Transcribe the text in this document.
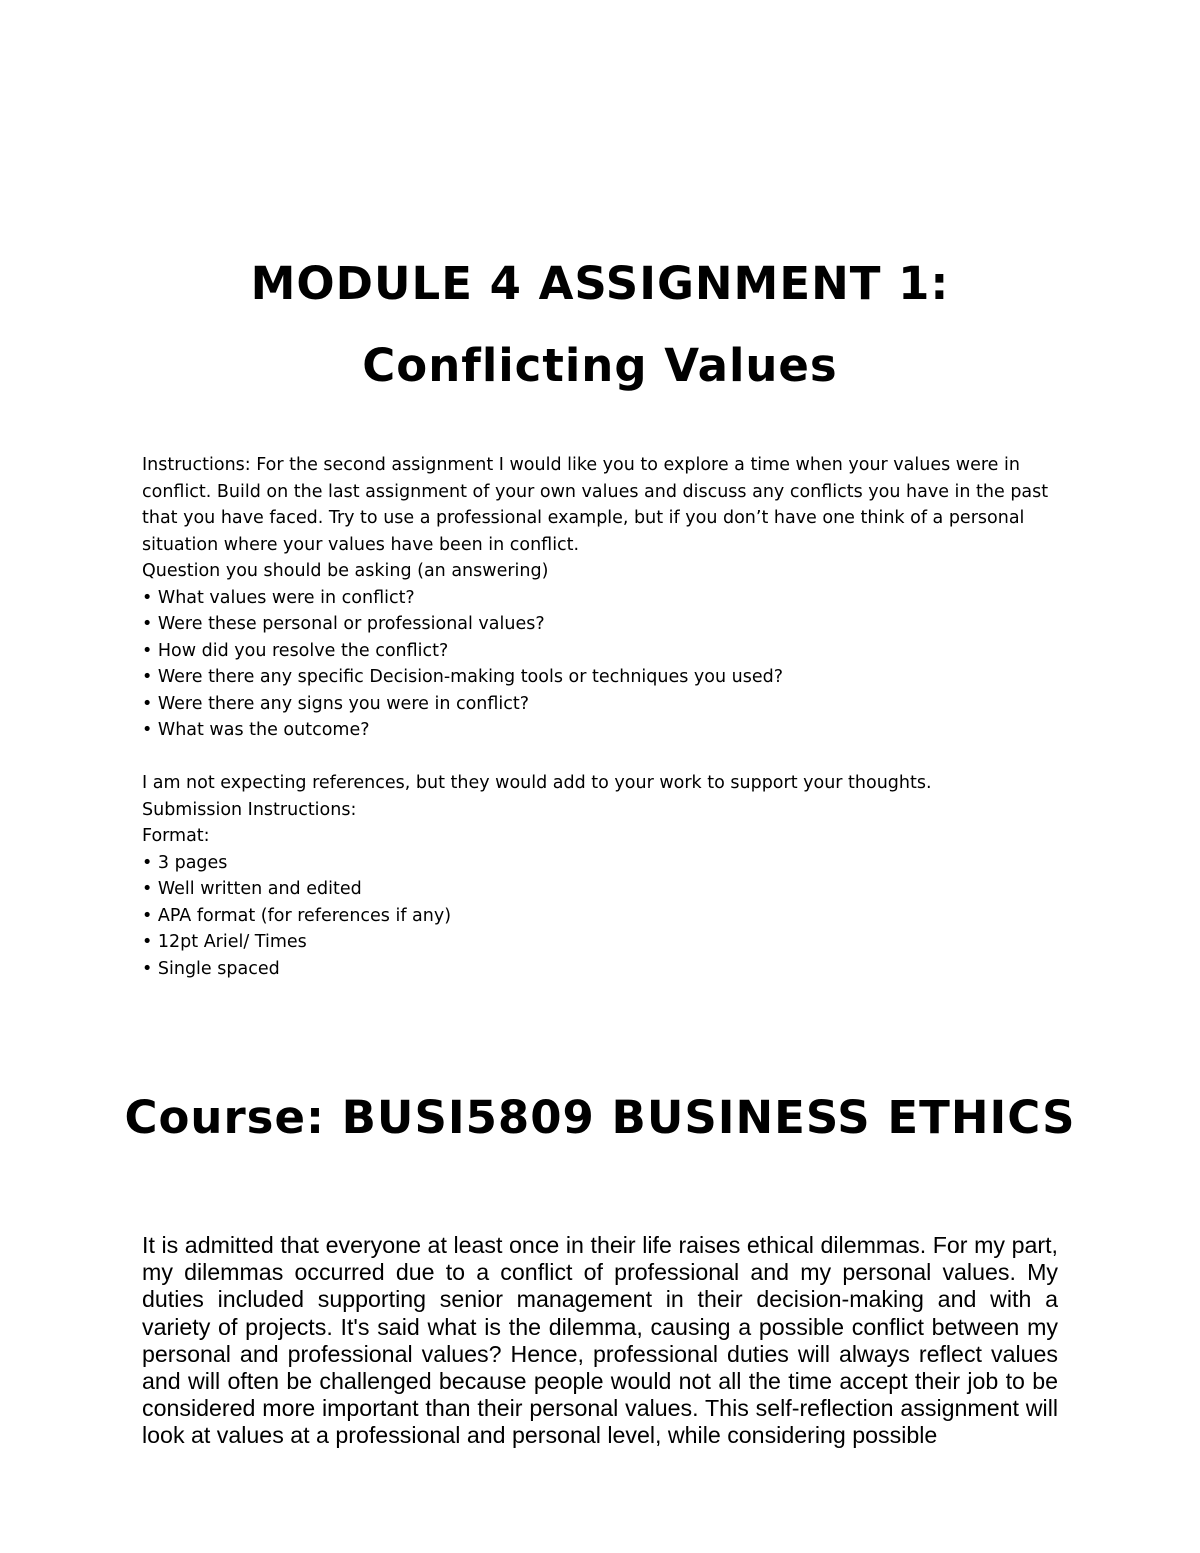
MODULE 4 ASSIGNMENT 1:
Conflicting Values

Instructions: For the second assignment I would like you to explore a time when your values were in conflict. Build on the last assignment of your own values and discuss any conflicts you have in the past that you have faced. Try to use a professional example, but if you don’t have one think of a personal situation where your values have been in conflict.

Question you should be asking (an answering)

• What values were in conflict?
• Were these personal or professional values?
• How did you resolve the conflict?
• Were there any specific Decision-making tools or techniques you used?
• Were there any signs you were in conflict?
• What was the outcome?

I am not expecting references, but they would add to your work to support your thoughts.

Submission Instructions:

Format:

• 3 pages
• Well written and edited
• APA format (for references if any)
• 12pt Ariel/ Times
• Single spaced
Course: BUSI5809 BUSINESS ETHICS

It is admitted that everyone at least once in their life raises ethical dilemmas. For my part, my dilemmas occurred due to a conflict of professional and my personal values. My duties included supporting senior management in their decision-making and with a variety of projects. It's said what is the dilemma, causing a possible conflict between my personal and professional values? Hence, professional duties will always reflect values and will often be challenged because people would not all the time accept their job to be considered more important than their personal values. This self-reflection assignment will look at values at a professional and personal level, while considering possible
